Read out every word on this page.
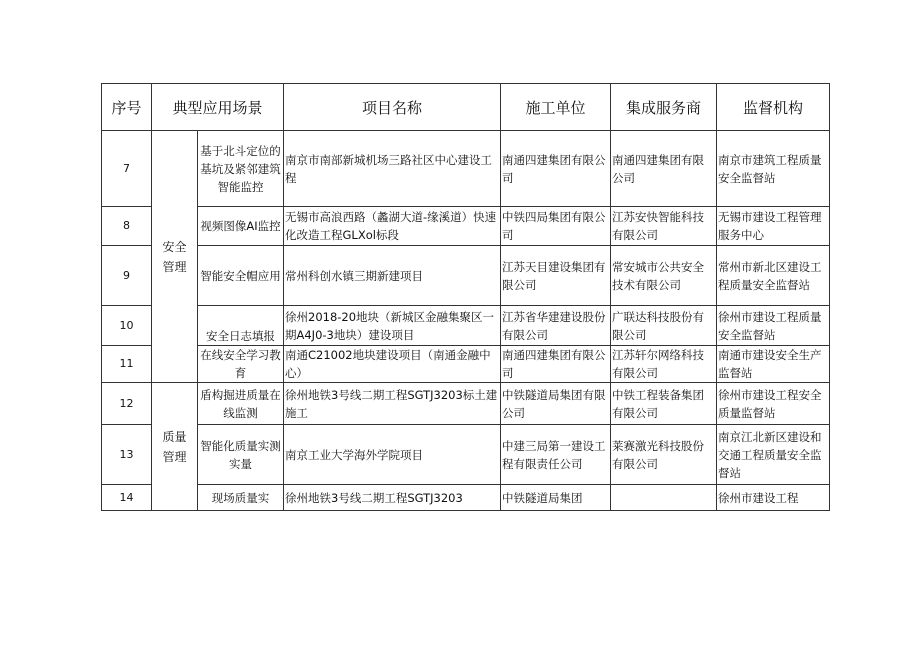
序号	典型应用场景		项目名称	施工单位	集成服务商	监督机构
7	安全管理	基于北斗定位的基坑及紧邻建筑智能监控	南京市南部新城机场三路社区中心建设工程	南通四建集团有限公司	南通四建集团有限公司	南京市建筑工程质量安全监督站
8		视频图像AI监控	无锡市高浪西路（蠡湖大道-缘溪道）快速化改造工程GLXol标段	中铁四局集团有限公司	江苏安快智能科技有限公司	无锡市建设工程管理服务中心
9		智能安全帽应用	常州科创水镇三期新建项目	江苏天目建设集团有限公司	常安城市公共安全技术有限公司	常州市新北区建设工程质量安全监督站
10		安全日志填报	徐州2018-20地块（新城区金融集聚区一期A4J0-3地块）建设项目	江苏省华建建设股份有限公司	广联达科技股份有限公司	徐州市建设工程质量安全监督站
11		在线安全学习教育	南通C21002地块建设项目（南通金融中心）	南通四建集团有限公司	江苏轩尔网络科技有限公司	南通市建设安全生产监督站
12	质量管理	盾构掘进质量在线监测	徐州地铁3号线二期工程SGTJ3203标土建施工	中铁隧道局集团有限公司	中铁工程装备集团有限公司	徐州市建设工程安全质量监督站
13		智能化质量实测实量	南京工业大学海外学院项目	中建三局第一建设工程有限责任公司	莱赛激光科技股份有限公司	南京江北新区建设和交通工程质量安全监督站
14		现场质量实	徐州地铁3号线二期工程SGTJ3203	中铁隧道局集团		徐州市建设工程
